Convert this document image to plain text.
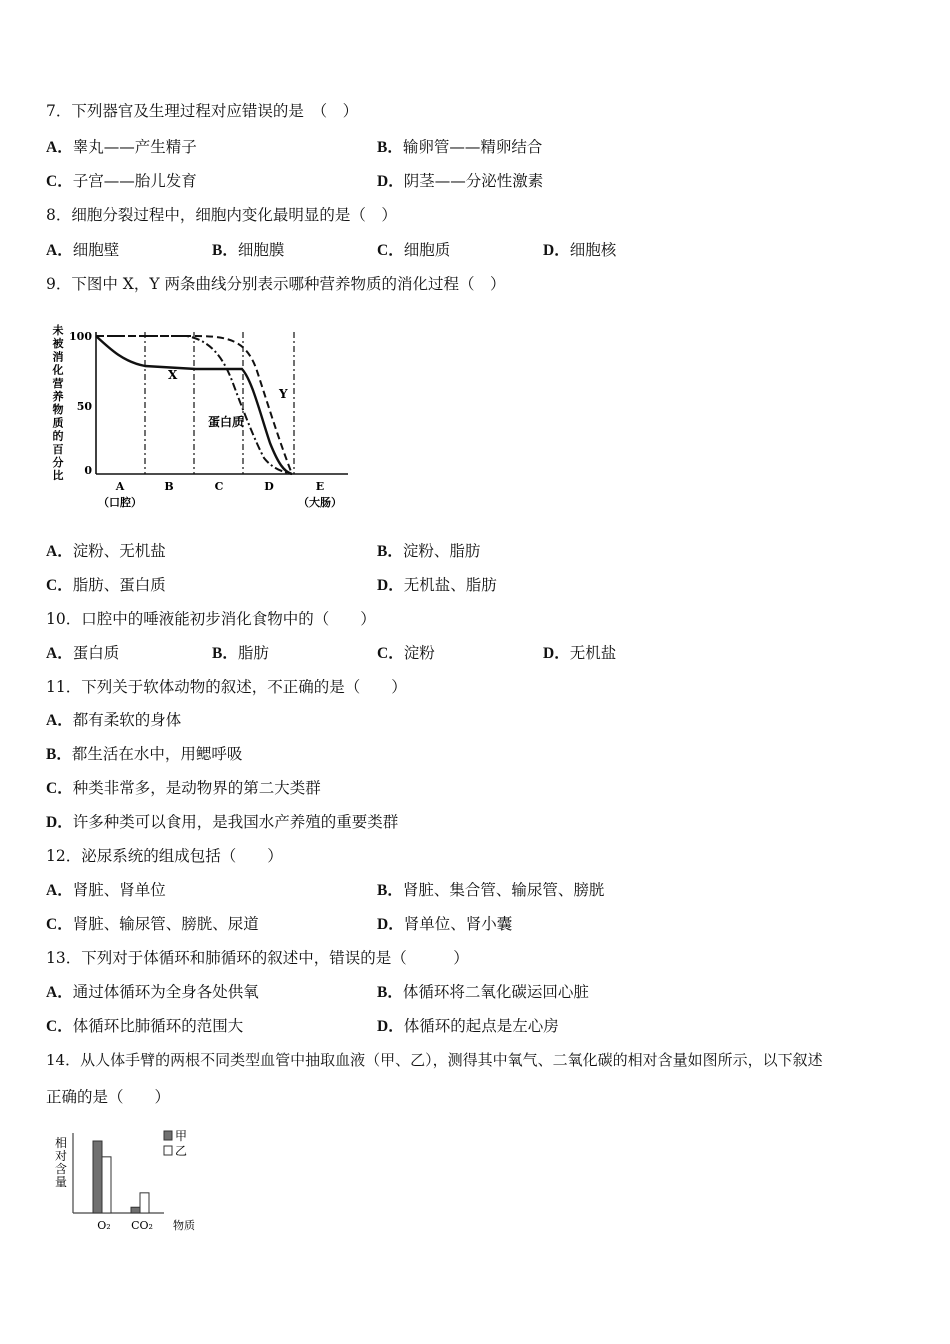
7．下列器官及生理过程对应错误的是　（　）
A．睾丸——产生精子	B．输卵管——精卵结合
C．子宫——胎儿发育	D．阴茎——分泌性激素
8．细胞分裂过程中，细胞内变化最明显的是（　）
A．细胞壁	B．细胞膜	C．细胞质	D．细胞核
9．下图中 X，Y 两条曲线分别表示哪种营养物质的消化过程（　）
未
被
消
化
营
养
物
质
的
百
分
比
100
50
0
X
Y
蛋白质
A	B	C	D	E
（口腔）	（大肠）
A．淀粉、无机盐	B．淀粉、脂肪
C．脂肪、蛋白质	D．无机盐、脂肪
10．口腔中的唾液能初步消化食物中的（　　）
A．蛋白质	B．脂肪	C．淀粉	D．无机盐
11．下列关于软体动物的叙述，不正确的是（　　）
A．都有柔软的身体
B．都生活在水中，用鳃呼吸
C．种类非常多，是动物界的第二大类群
D．许多种类可以食用，是我国水产养殖的重要类群
12．泌尿系统的组成包括（　　）
A．肾脏、肾单位	B．肾脏、集合管、输尿管、膀胱
C．肾脏、输尿管、膀胱、尿道	D．肾单位、肾小囊
13．下列对于体循环和肺循环的叙述中，错误的是（　　　）
A．通过体循环为全身各处供氧	B．体循环将二氧化碳运回心脏
C．体循环比肺循环的范围大	D．体循环的起点是左心房
14．从人体手臂的两根不同类型血管中抽取血液（甲、乙），测得其中氧气、二氧化碳的相对含量如图所示，以下叙述
正确的是（　　）
相
对
含
量
甲
乙
O₂ CO₂ 物质
